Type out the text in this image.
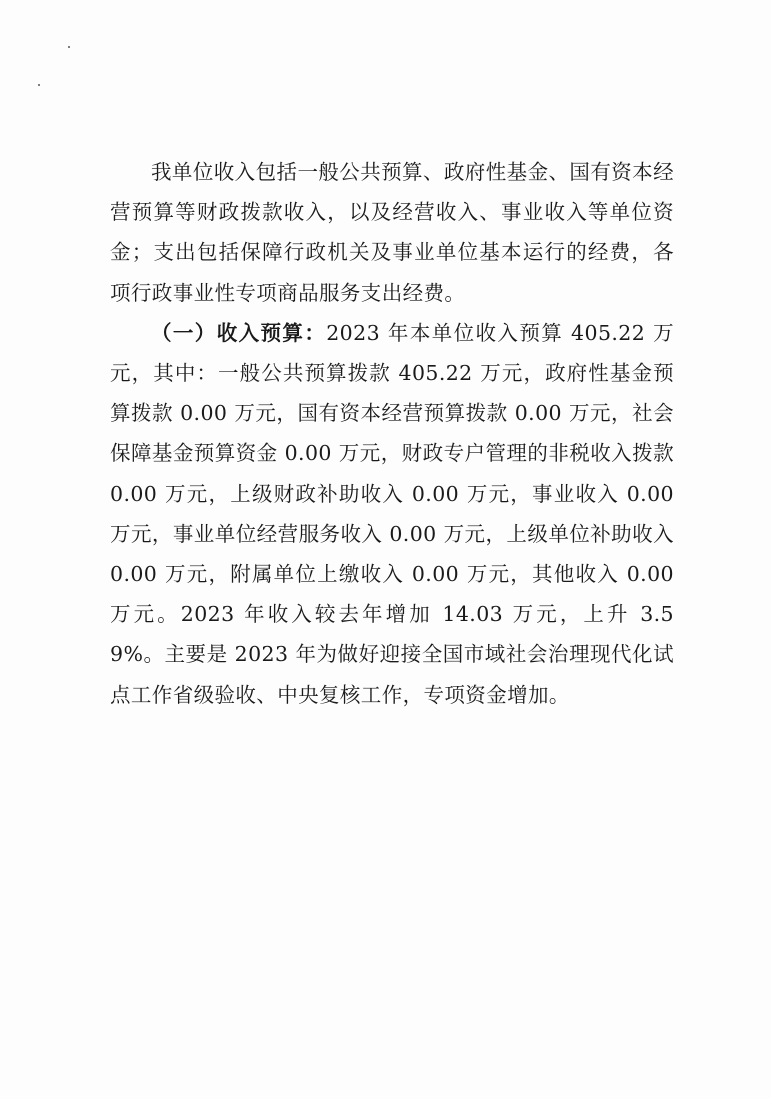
我单位收入包括一般公共预算、政府性基金、国有资本经营预算等财政拨款收入，以及经营收入、事业收入等单位资金；支出包括保障行政机关及事业单位基本运行的经费，各项行政事业性专项商品服务支出经费。

（一）收入预算：2023 年本单位收入预算 405.22 万元，其中：一般公共预算拨款 405.22 万元，政府性基金预算拨款 0.00 万元，国有资本经营预算拨款 0.00 万元，社会保障基金预算资金 0.00 万元，财政专户管理的非税收入拨款 0.00 万元，上级财政补助收入 0.00 万元，事业收入 0.00 万元，事业单位经营服务收入 0.00 万元，上级单位补助收入 0.00 万元，附属单位上缴收入 0.00 万元，其他收入 0.00 万元。2023 年收入较去年增加 14.03 万元，上升 3.59%。主要是 2023 年为做好迎接全国市域社会治理现代化试点工作省级验收、中央复核工作，专项资金增加。
